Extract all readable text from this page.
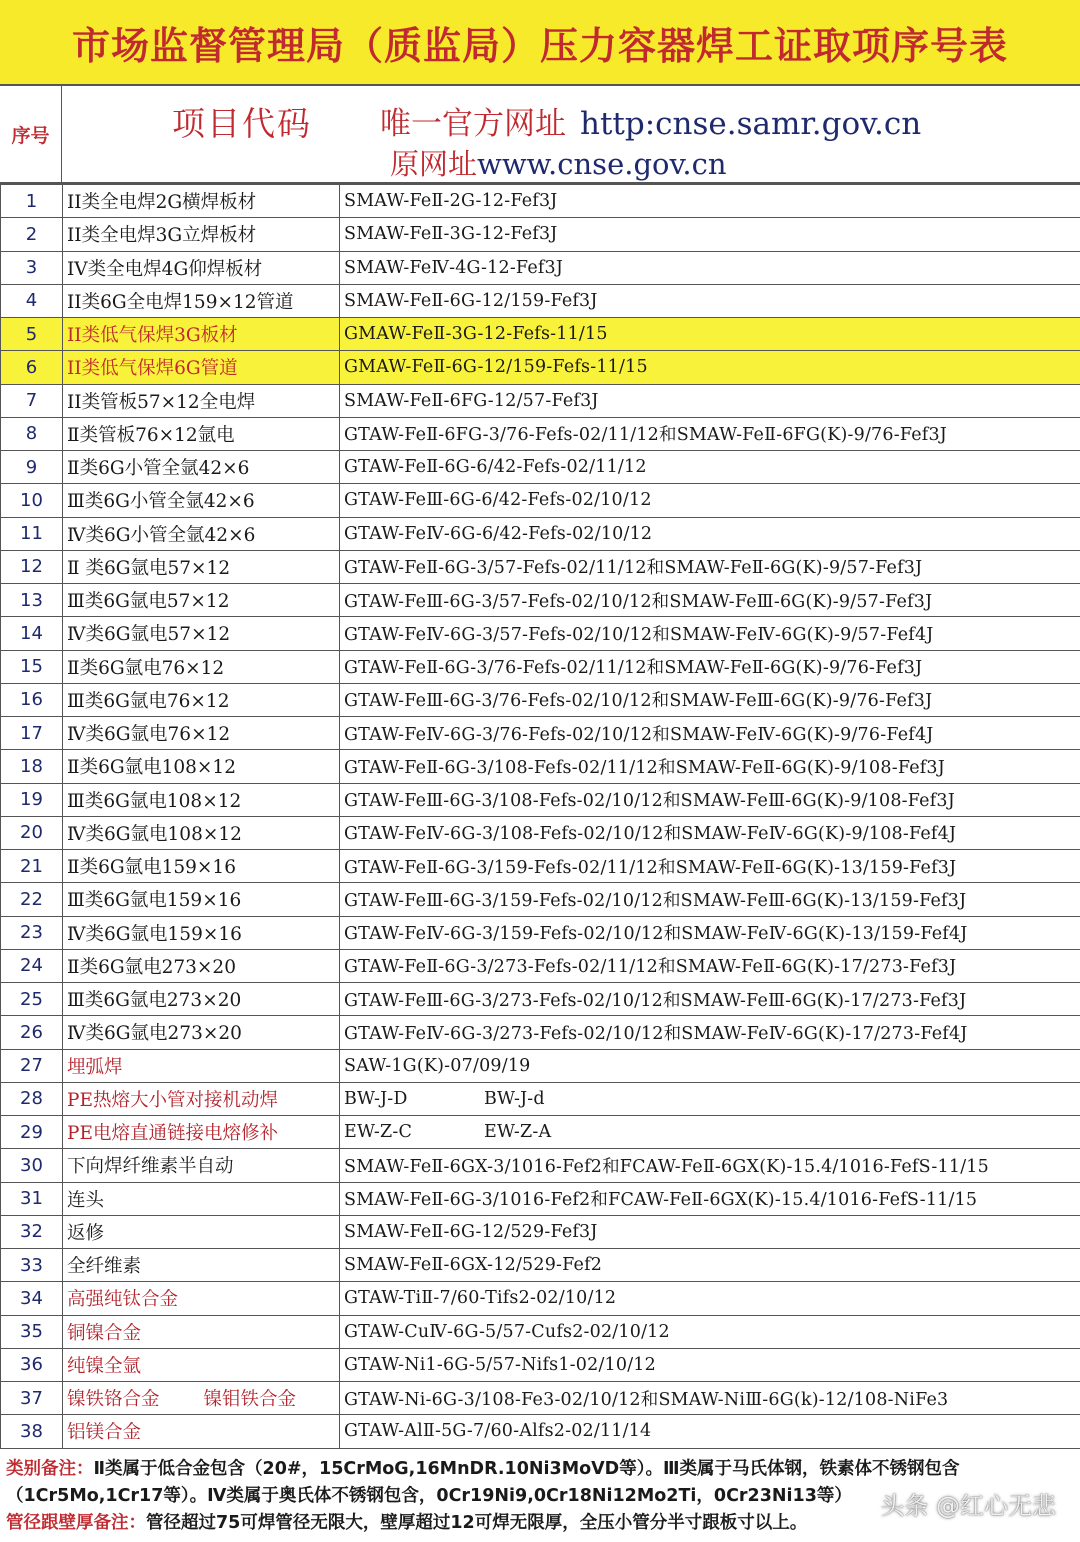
市场监督管理局（质监局）压力容器焊工证取项序号表
序号	项目代码 唯一官方网址 http:cnse.samr.gov.cn
原网址www.cnse.gov.cn
1	II类全电焊2G横焊板材	SMAW-FeⅡ-2G-12-Fef3J
2	II类全电焊3G立焊板材	SMAW-FeⅡ-3G-12-Fef3J
3	IV类全电焊4G仰焊板材	SMAW-FeⅣ-4G-12-Fef3J
4	II类6G全电焊159×12管道	SMAW-FeⅡ-6G-12/159-Fef3J
5	II类低气保焊3G板材	GMAW-FeⅡ-3G-12-Fefs-11/15
6	II类低气保焊6G管道	GMAW-FeⅡ-6G-12/159-Fefs-11/15
7	II类管板57×12全电焊	SMAW-FeⅡ-6FG-12/57-Fef3J
8	Ⅱ类管板76×12氩电	GTAW-FeⅡ-6FG-3/76-Fefs-02/11/12和SMAW-FeⅡ-6FG(K)-9/76-Fef3J
9	Ⅱ类6G小管全氩42×6	GTAW-FeⅡ-6G-6/42-Fefs-02/11/12
10	Ⅲ类6G小管全氩42×6	GTAW-FeⅢ-6G-6/42-Fefs-02/10/12
11	Ⅳ类6G小管全氩42×6	GTAW-FeⅣ-6G-6/42-Fefs-02/10/12
12	Ⅱ 类6G氩电57×12	GTAW-FeⅡ-6G-3/57-Fefs-02/11/12和SMAW-FeⅡ-6G(K)-9/57-Fef3J
13	Ⅲ类6G氩电57×12	GTAW-FeⅢ-6G-3/57-Fefs-02/10/12和SMAW-FeⅢ-6G(K)-9/57-Fef3J
14	Ⅳ类6G氩电57×12	GTAW-FeⅣ-6G-3/57-Fefs-02/10/12和SMAW-FeⅣ-6G(K)-9/57-Fef4J
15	Ⅱ类6G氩电76×12	GTAW-FeⅡ-6G-3/76-Fefs-02/11/12和SMAW-FeⅡ-6G(K)-9/76-Fef3J
16	Ⅲ类6G氩电76×12	GTAW-FeⅢ-6G-3/76-Fefs-02/10/12和SMAW-FeⅢ-6G(K)-9/76-Fef3J
17	Ⅳ类6G氩电76×12	GTAW-FeⅣ-6G-3/76-Fefs-02/10/12和SMAW-FeⅣ-6G(K)-9/76-Fef4J
18	Ⅱ类6G氩电108×12	GTAW-FeⅡ-6G-3/108-Fefs-02/11/12和SMAW-FeⅡ-6G(K)-9/108-Fef3J
19	Ⅲ类6G氩电108×12	GTAW-FeⅢ-6G-3/108-Fefs-02/10/12和SMAW-FeⅢ-6G(K)-9/108-Fef3J
20	Ⅳ类6G氩电108×12	GTAW-FeⅣ-6G-3/108-Fefs-02/10/12和SMAW-FeⅣ-6G(K)-9/108-Fef4J
21	Ⅱ类6G氩电159×16	GTAW-FeⅡ-6G-3/159-Fefs-02/11/12和SMAW-FeⅡ-6G(K)-13/159-Fef3J
22	Ⅲ类6G氩电159×16	GTAW-FeⅢ-6G-3/159-Fefs-02/10/12和SMAW-FeⅢ-6G(K)-13/159-Fef3J
23	Ⅳ类6G氩电159×16	GTAW-FeⅣ-6G-3/159-Fefs-02/10/12和SMAW-FeⅣ-6G(K)-13/159-Fef4J
24	Ⅱ类6G氩电273×20	GTAW-FeⅡ-6G-3/273-Fefs-02/11/12和SMAW-FeⅡ-6G(K)-17/273-Fef3J
25	Ⅲ类6G氩电273×20	GTAW-FeⅢ-6G-3/273-Fefs-02/10/12和SMAW-FeⅢ-6G(K)-17/273-Fef3J
26	Ⅳ类6G氩电273×20	GTAW-FeⅣ-6G-3/273-Fefs-02/10/12和SMAW-FeⅣ-6G(K)-17/273-Fef4J
27	埋弧焊	SAW-1G(K)-07/09/19
28	PE热熔大小管对接机动焊	BW-J-D BW-J-d
29	PE电熔直通链接电熔修补	EW-Z-C EW-Z-A
30	下向焊纤维素半自动	SMAW-FeⅡ-6GX-3/1016-Fef2和FCAW-FeⅡ-6GX(K)-15.4/1016-FefS-11/15
31	连头	SMAW-FeⅡ-6G-3/1016-Fef2和FCAW-FeⅡ-6GX(K)-15.4/1016-FefS-11/15
32	返修	SMAW-FeⅡ-6G-12/529-Fef3J
33	全纤维素	SMAW-FeⅡ-6GX-12/529-Fef2
34	高强纯钛合金	GTAW-TiⅡ-7/60-Tifs2-02/10/12
35	铜镍合金	GTAW-CuⅣ-6G-5/57-Cufs2-02/10/12
36	纯镍全氩	GTAW-Ni1-6G-5/57-Nifs1-02/10/12
37	镍铁铬合金 镍钼铁合金	GTAW-Ni-6G-3/108-Fe3-02/10/12和SMAW-NiⅢ-6G(k)-12/108-NiFe3
38	铝镁合金	GTAW-AlⅡ-5G-7/60-Alfs2-02/11/14
类别备注：Ⅱ类属于低合金包含（20#，15CrMoG,16MnDR.10Ni3MoVD等）。Ⅲ类属于马氏体钢，铁素体不锈钢包含
（1Cr5Mo,1Cr17等）。Ⅳ类属于奥氏体不锈钢包含，0Cr19Ni9,0Cr18Ni12Mo2Ti，0Cr23Ni13等）
管径跟壁厚备注：管径超过75可焊管径无限大，壁厚超过12可焊无限厚，全压小管分半寸跟板寸以上。
头条 @红心无悲
